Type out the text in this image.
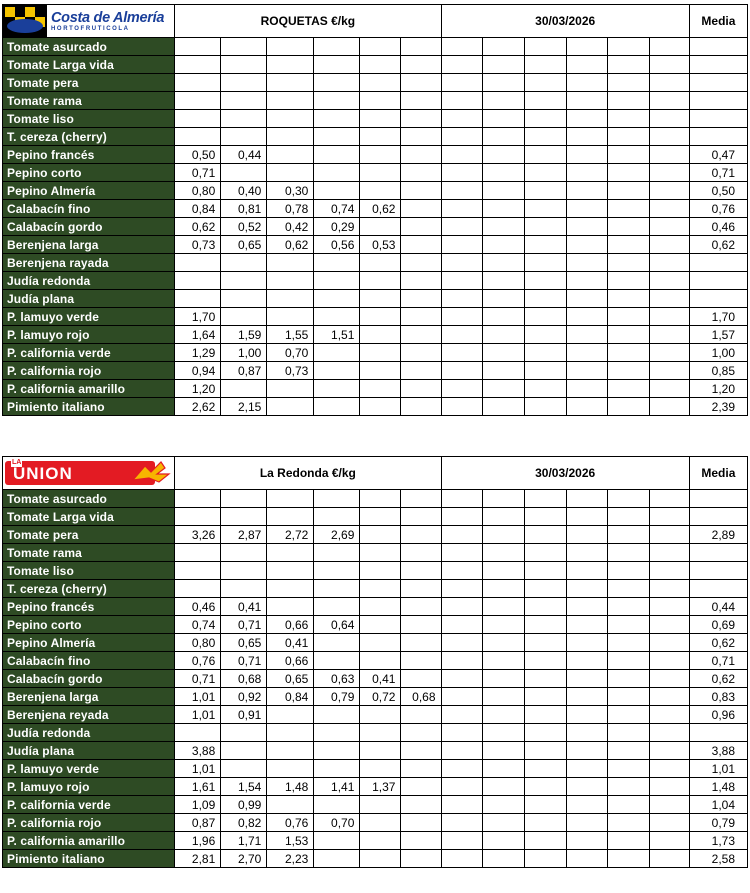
Costa de Almería
HORTOFRUTICOLA	ROQUETAS €/kg						30/03/2026						Media
Tomate asurcado													
Tomate Larga vida													
Tomate pera													
Tomate rama													
Tomate liso													
T. cereza (cherry)													
Pepino francés	0,50	0,44											0,47
Pepino corto	0,71												0,71
Pepino Almería	0,80	0,40	0,30										0,50
Calabacín fino	0,84	0,81	0,78	0,74	0,62								0,76
Calabacín gordo	0,62	0,52	0,42	0,29									0,46
Berenjena larga	0,73	0,65	0,62	0,56	0,53								0,62
Berenjena rayada													
Judía redonda													
Judía plana													
P. lamuyo verde	1,70												1,70
P. lamuyo rojo	1,64	1,59	1,55	1,51									1,57
P. california verde	1,29	1,00	0,70										1,00
P. california rojo	0,94	0,87	0,73										0,85
P. california amarillo	1,20												1,20
Pimiento italiano	2,62	2,15											2,39
LA
UNION	La Redonda €/kg						30/03/2026						Media
Tomate asurcado													
Tomate Larga vida													
Tomate pera	3,26	2,87	2,72	2,69									2,89
Tomate rama													
Tomate liso													
T. cereza (cherry)													
Pepino francés	0,46	0,41											0,44
Pepino corto	0,74	0,71	0,66	0,64									0,69
Pepino Almería	0,80	0,65	0,41										0,62
Calabacín fino	0,76	0,71	0,66										0,71
Calabacín gordo	0,71	0,68	0,65	0,63	0,41								0,62
Berenjena larga	1,01	0,92	0,84	0,79	0,72	0,68							0,83
Berenjena reyada	1,01	0,91											0,96
Judía redonda													
Judía plana	3,88												3,88
P. lamuyo verde	1,01												1,01
P. lamuyo rojo	1,61	1,54	1,48	1,41	1,37								1,48
P. california verde	1,09	0,99											1,04
P. california rojo	0,87	0,82	0,76	0,70									0,79
P. california amarillo	1,96	1,71	1,53										1,73
Pimiento italiano	2,81	2,70	2,23										2,58
